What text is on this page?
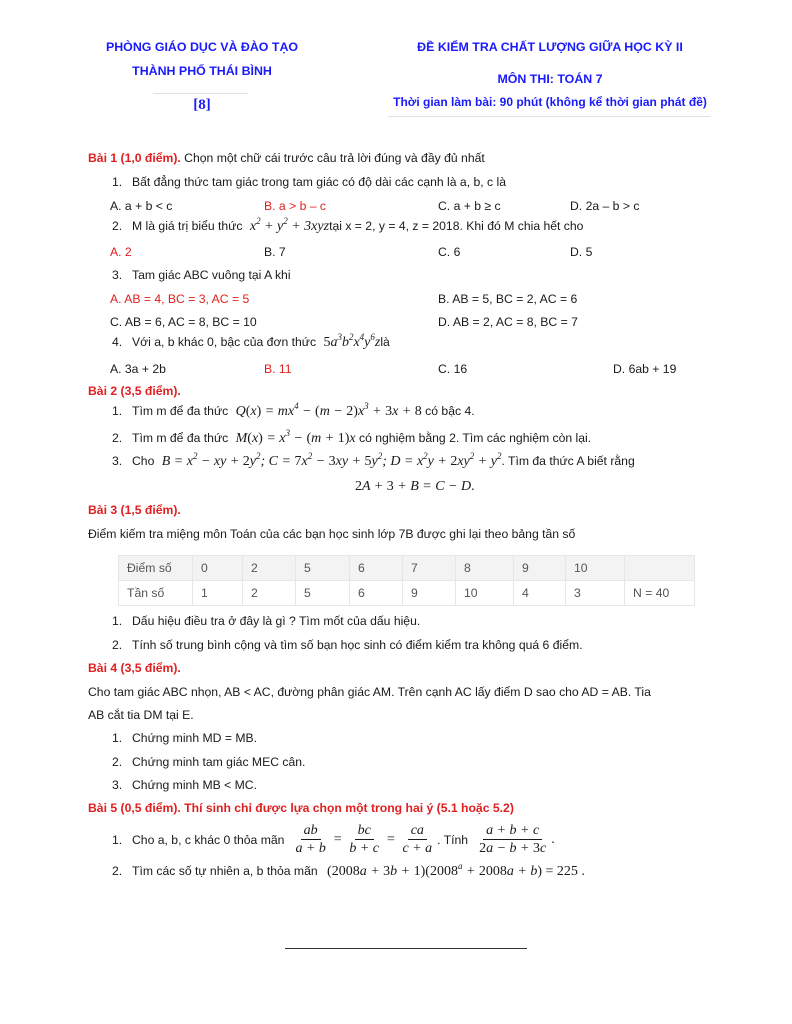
PHÒNG GIÁO DỤC VÀ ĐÀO TẠO
THÀNH PHỐ THÁI BÌNH
[8]
ĐỀ KIỂM TRA CHẤT LƯỢNG GIỮA HỌC KỲ II
MÔN THI: TOÁN 7
Thời gian làm bài: 90 phút (không kể thời gian phát đề)
Bài 1 (1,0 điểm). Chọn một chữ cái trước câu trả lời đúng và đầy đủ nhất
1. Bất đẳng thức tam giác trong tam giác có độ dài các cạnh là a, b, c là
A. a + b < c	B. a > b – c	C. a + b ≥ c	D. 2a – b > c
2. M là giá trị biểu thức $x^2 + y^2$ + 3xyztại x = 2, y = 4, z = 2018. Khi đó M chia hết cho
A. 2	B. 7	C. 6	D. 5
3. Tam giác ABC vuông tại A khi
A. AB = 4, BC = 3, AC = 5	B. AB = 5, BC = 2, AC = 6
C. AB = 6, AC = 8, BC = 10	D. AB = 2, AC = 8, BC = 7
4. Với a, b khác 0, bậc của đơn thức $5a^3b^2x^4y^6zlà$
A. 3a + 2b	B. 11	C. 16	D. 6ab + 19
Bài 2 (3,5 điểm).
1. Tìm m để đa thức $Q(x) = mx^4 - (m - 2)x^3 + 3x + 8$ có bậc 4.
2. Tìm m để đa thức $M(x) = x^3 - (m + 1)x$ có nghiệm bằng 2. Tìm các nghiệm còn lại.
3. Cho $B = x^2$ − xy + $2y^2$; $C = 7x^2 - 3xy + 5y^2$; $D = x^2y + 2xy^2 + y^2$. Tìm đa thức A biết rằng
2A + 3 + B = C − D.
Bài 3 (1,5 điểm).
Điểm kiếm tra miệng môn Toán của các bạn học sinh lớp 7B được ghi lại theo bảng tần số
Điểm số	0	2	5	6	7	8	9	10	
Tần số	1	2	5	6	9	10	4	3	N = 40
1. Dấu hiệu điều tra ở đây là gì ? Tìm mốt của dấu hiệu.
2. Tính số trung bình cộng và tìm số bạn học sinh có điểm kiểm tra không quá 6 điểm.
Bài 4 (3,5 điểm).
Cho tam giác ABC nhọn, AB < AC, đường phân giác AM. Trên cạnh AC lấy điểm D sao cho AD = AB. Tia
AB cắt tia DM tại E.
1. Chứng minh MD = MB.
2. Chứng minh tam giác MEC cân.
3. Chứng minh MB < MC.
Bài 5 (0,5 điểm). Thí sinh chỉ được lựa chọn một trong hai ý (5.1 hoặc 5.2)
1. Cho a, b, c khác 0 thỏa mãn $\frac{ab}{a + b} = \frac{bc}{b + c} = \frac{ca}{c + a}$ . Tính $\frac{a + b + c}{2a - b + 3c}$ .
2. Tìm các số tự nhiên a, b thỏa mãn $(2008a + 3b + 1)(2008^a + 2008a + b) = 225$ .
